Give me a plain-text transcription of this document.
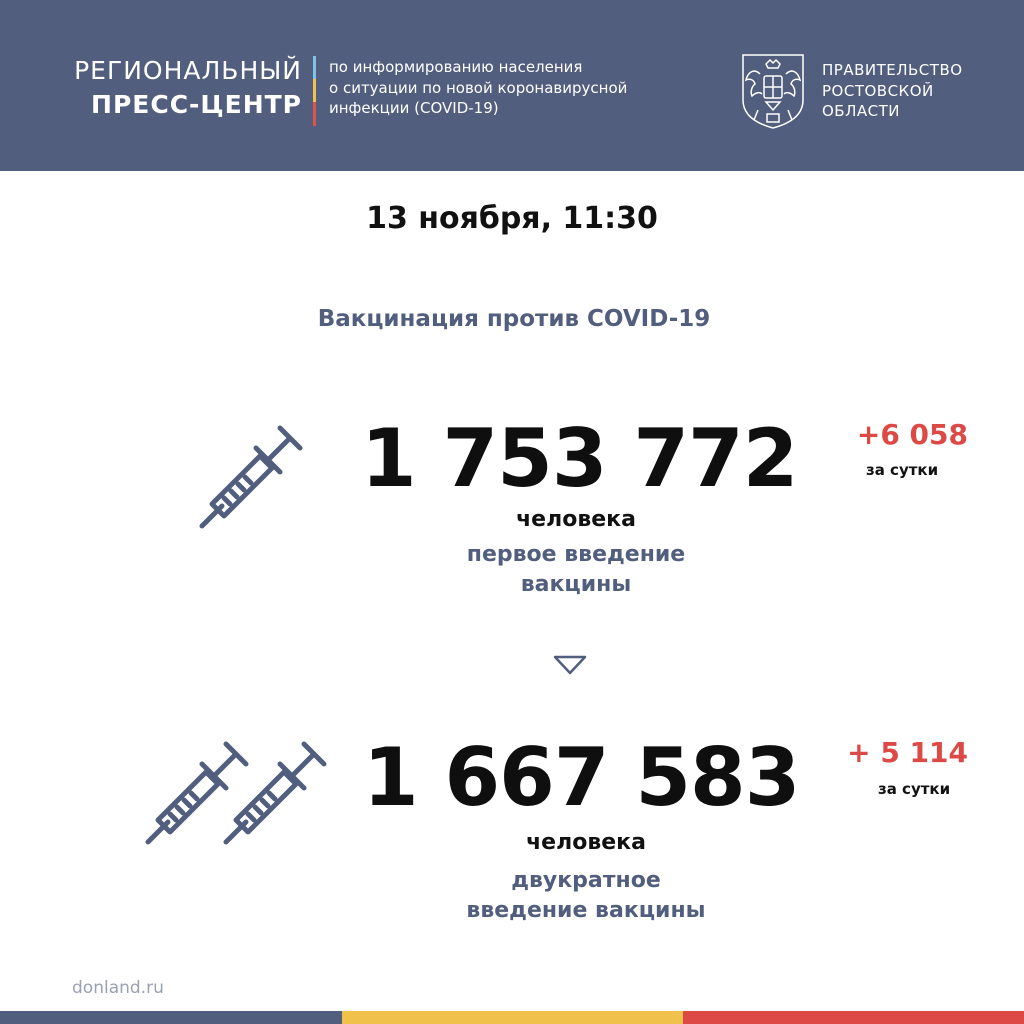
РЕГИОНАЛЬНЫЙ
ПРЕСС-ЦЕНТР
по информированию населения
о ситуации по новой коронавирусной
инфекции (COVID-19)
ПРАВИТЕЛЬСТВО
РОСТОВСКОЙ
ОБЛАСТИ
13 ноября, 11:30
Вакцинация против COVID-19
1 753 772
человека
первое введение
вакцины
+6 058
за сутки
1 667 583
человека
двукратное
введение вакцины
+ 5 114
за сутки
donland.ru
